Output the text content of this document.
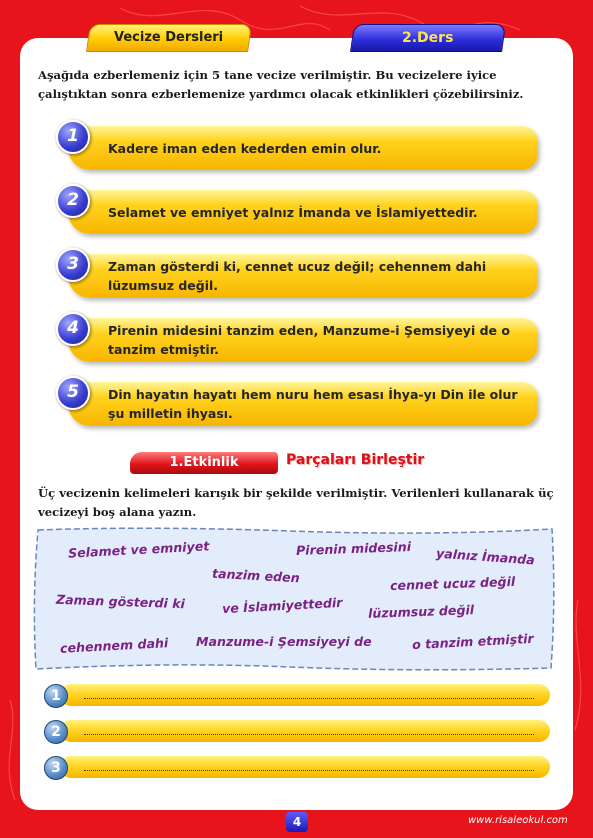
Vecize Dersleri	2.Ders
Aşağıda ezberlemeniz için 5 tane vecize verilmiştir. Bu vecizelere iyice çalıştıktan sonra ezberlemenize yardımcı olacak etkinlikleri çözebilirsiniz.
1
Kadere iman eden kederden emin olur.
2
Selamet ve emniyet yalnız İmanda ve İslamiyettedir.
3	Zaman gösterdi ki, cennet ucuz değil; cehennem dahi lüzumsuz değil.
4	Pirenin midesini tanzim eden, Manzume-i Şemsiyeyi de o tanzim etmiştir.
5	Din hayatın hayatı hem nuru hem esası İhya-yı Din ile olur şu milletin ihyası.
1.Etkinlik	Parçaları Birleştir
Üç vecizenin kelimeleri karışık bir şekilde verilmiştir. Verilenleri kullanarak üç vecizeyi boş alana yazın.
Selamet ve emniyet	Pirenin midesini yalnız İmanda
tanzim eden	cennet ucuz değil
Zaman gösterdi ki	ve İslamiyettedir lüzumsuz değil
cehennem dahi Manzume-i Şemsiyeyi de	o tanzim etmiştir
1
2
3
4	www.risaleokul.com
